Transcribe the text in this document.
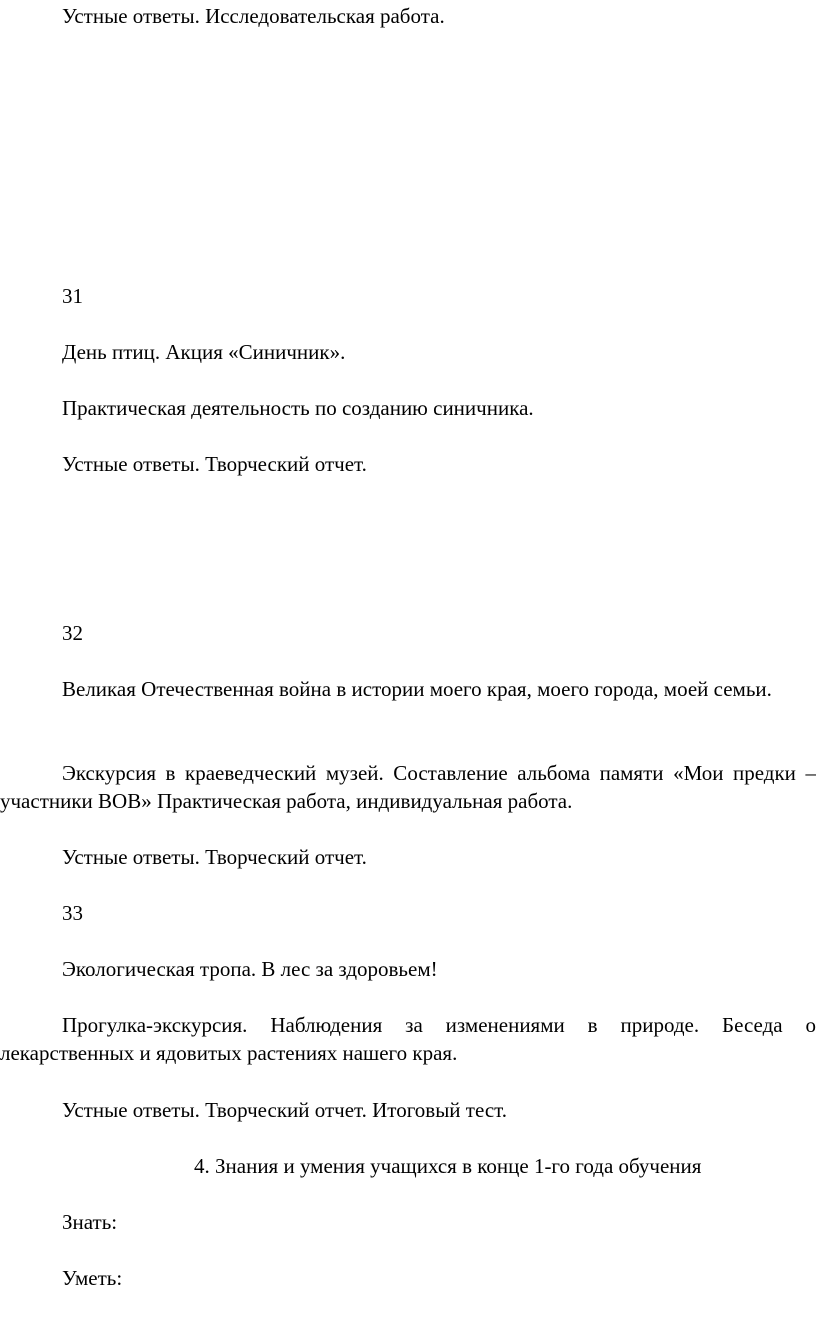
Устные ответы. Исследовательская работа.

31

День птиц. Акция «Синичник».

Практическая деятельность по созданию синичника.

Устные ответы. Творческий отчет.

32

Великая Отечественная война в истории моего края, моего города, моей семьи.

Экскурсия в краеведческий музей. Составление альбома памяти «Мои предки – участники ВОВ» Практическая работа, индивидуальная работа.

Устные ответы. Творческий отчет.

33

Экологическая тропа. В лес за здоровьем!

Прогулка-экскурсия. Наблюдения за изменениями в природе. Беседа о лекарственных и ядовитых растениях нашего края.

Устные ответы. Творческий отчет. Итоговый тест.

4. Знания и умения учащихся в конце 1-го года обучения

Знать:

Уметь:
